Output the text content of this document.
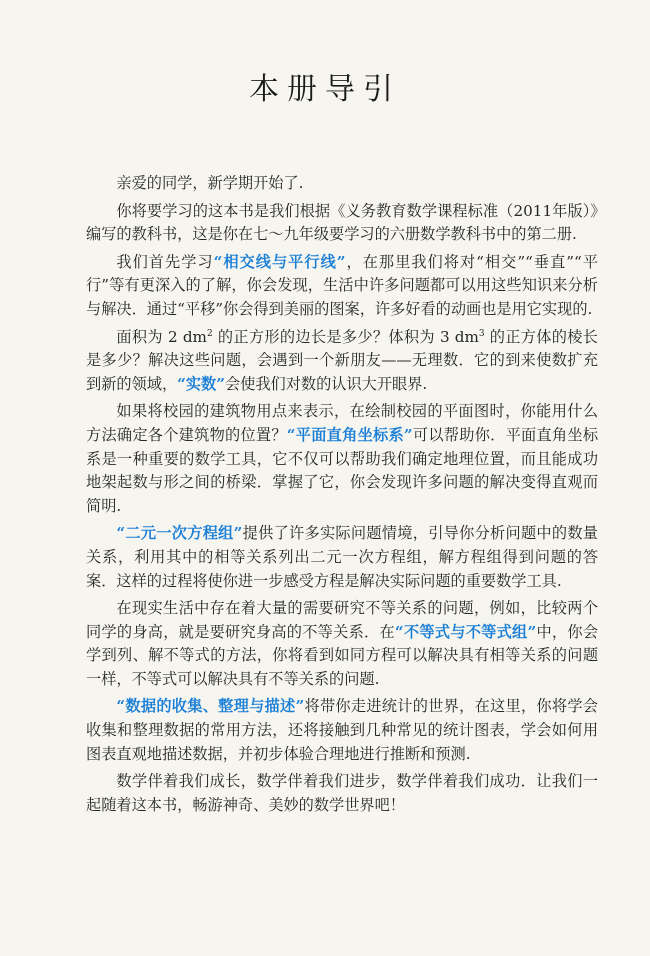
本册导引

亲爱的同学，新学期开始了.

你将要学习的这本书是我们根据《义务教育数学课程标准（2011年版）》编写的教科书，这是你在七～九年级要学习的六册数学教科书中的第二册.

我们首先学习“相交线与平行线”，在那里我们将对“相交”“垂直”“平行”等有更深入的了解，你会发现，生活中许多问题都可以用这些知识来分析与解决．通过“平移”你会得到美丽的图案，许多好看的动画也是用它实现的.

面积为 2 $dm^2$ 的正方形的边长是多少？体积为 3 $dm^3$ 的正方体的棱长是多少？解决这些问题，会遇到一个新朋友——无理数．它的到来使数扩充到新的领域，“实数”会使我们对数的认识大开眼界.

如果将校园的建筑物用点来表示，在绘制校园的平面图时，你能用什么方法确定各个建筑物的位置？“平面直角坐标系”可以帮助你．平面直角坐标系是一种重要的数学工具，它不仅可以帮助我们确定地理位置，而且能成功地架起数与形之间的桥梁．掌握了它，你会发现许多问题的解决变得直观而简明.

“二元一次方程组”提供了许多实际问题情境，引导你分析问题中的数量关系，利用其中的相等关系列出二元一次方程组，解方程组得到问题的答案．这样的过程将使你进一步感受方程是解决实际问题的重要数学工具.

在现实生活中存在着大量的需要研究不等关系的问题，例如，比较两个同学的身高，就是要研究身高的不等关系．在“不等式与不等式组”中，你会学到列、解不等式的方法，你将看到如同方程可以解决具有相等关系的问题一样，不等式可以解决具有不等关系的问题.

“数据的收集、整理与描述”将带你走进统计的世界，在这里，你将学会收集和整理数据的常用方法，还将接触到几种常见的统计图表，学会如何用图表直观地描述数据，并初步体验合理地进行推断和预测.

数学伴着我们成长，数学伴着我们进步，数学伴着我们成功．让我们一起随着这本书，畅游神奇、美妙的数学世界吧！
